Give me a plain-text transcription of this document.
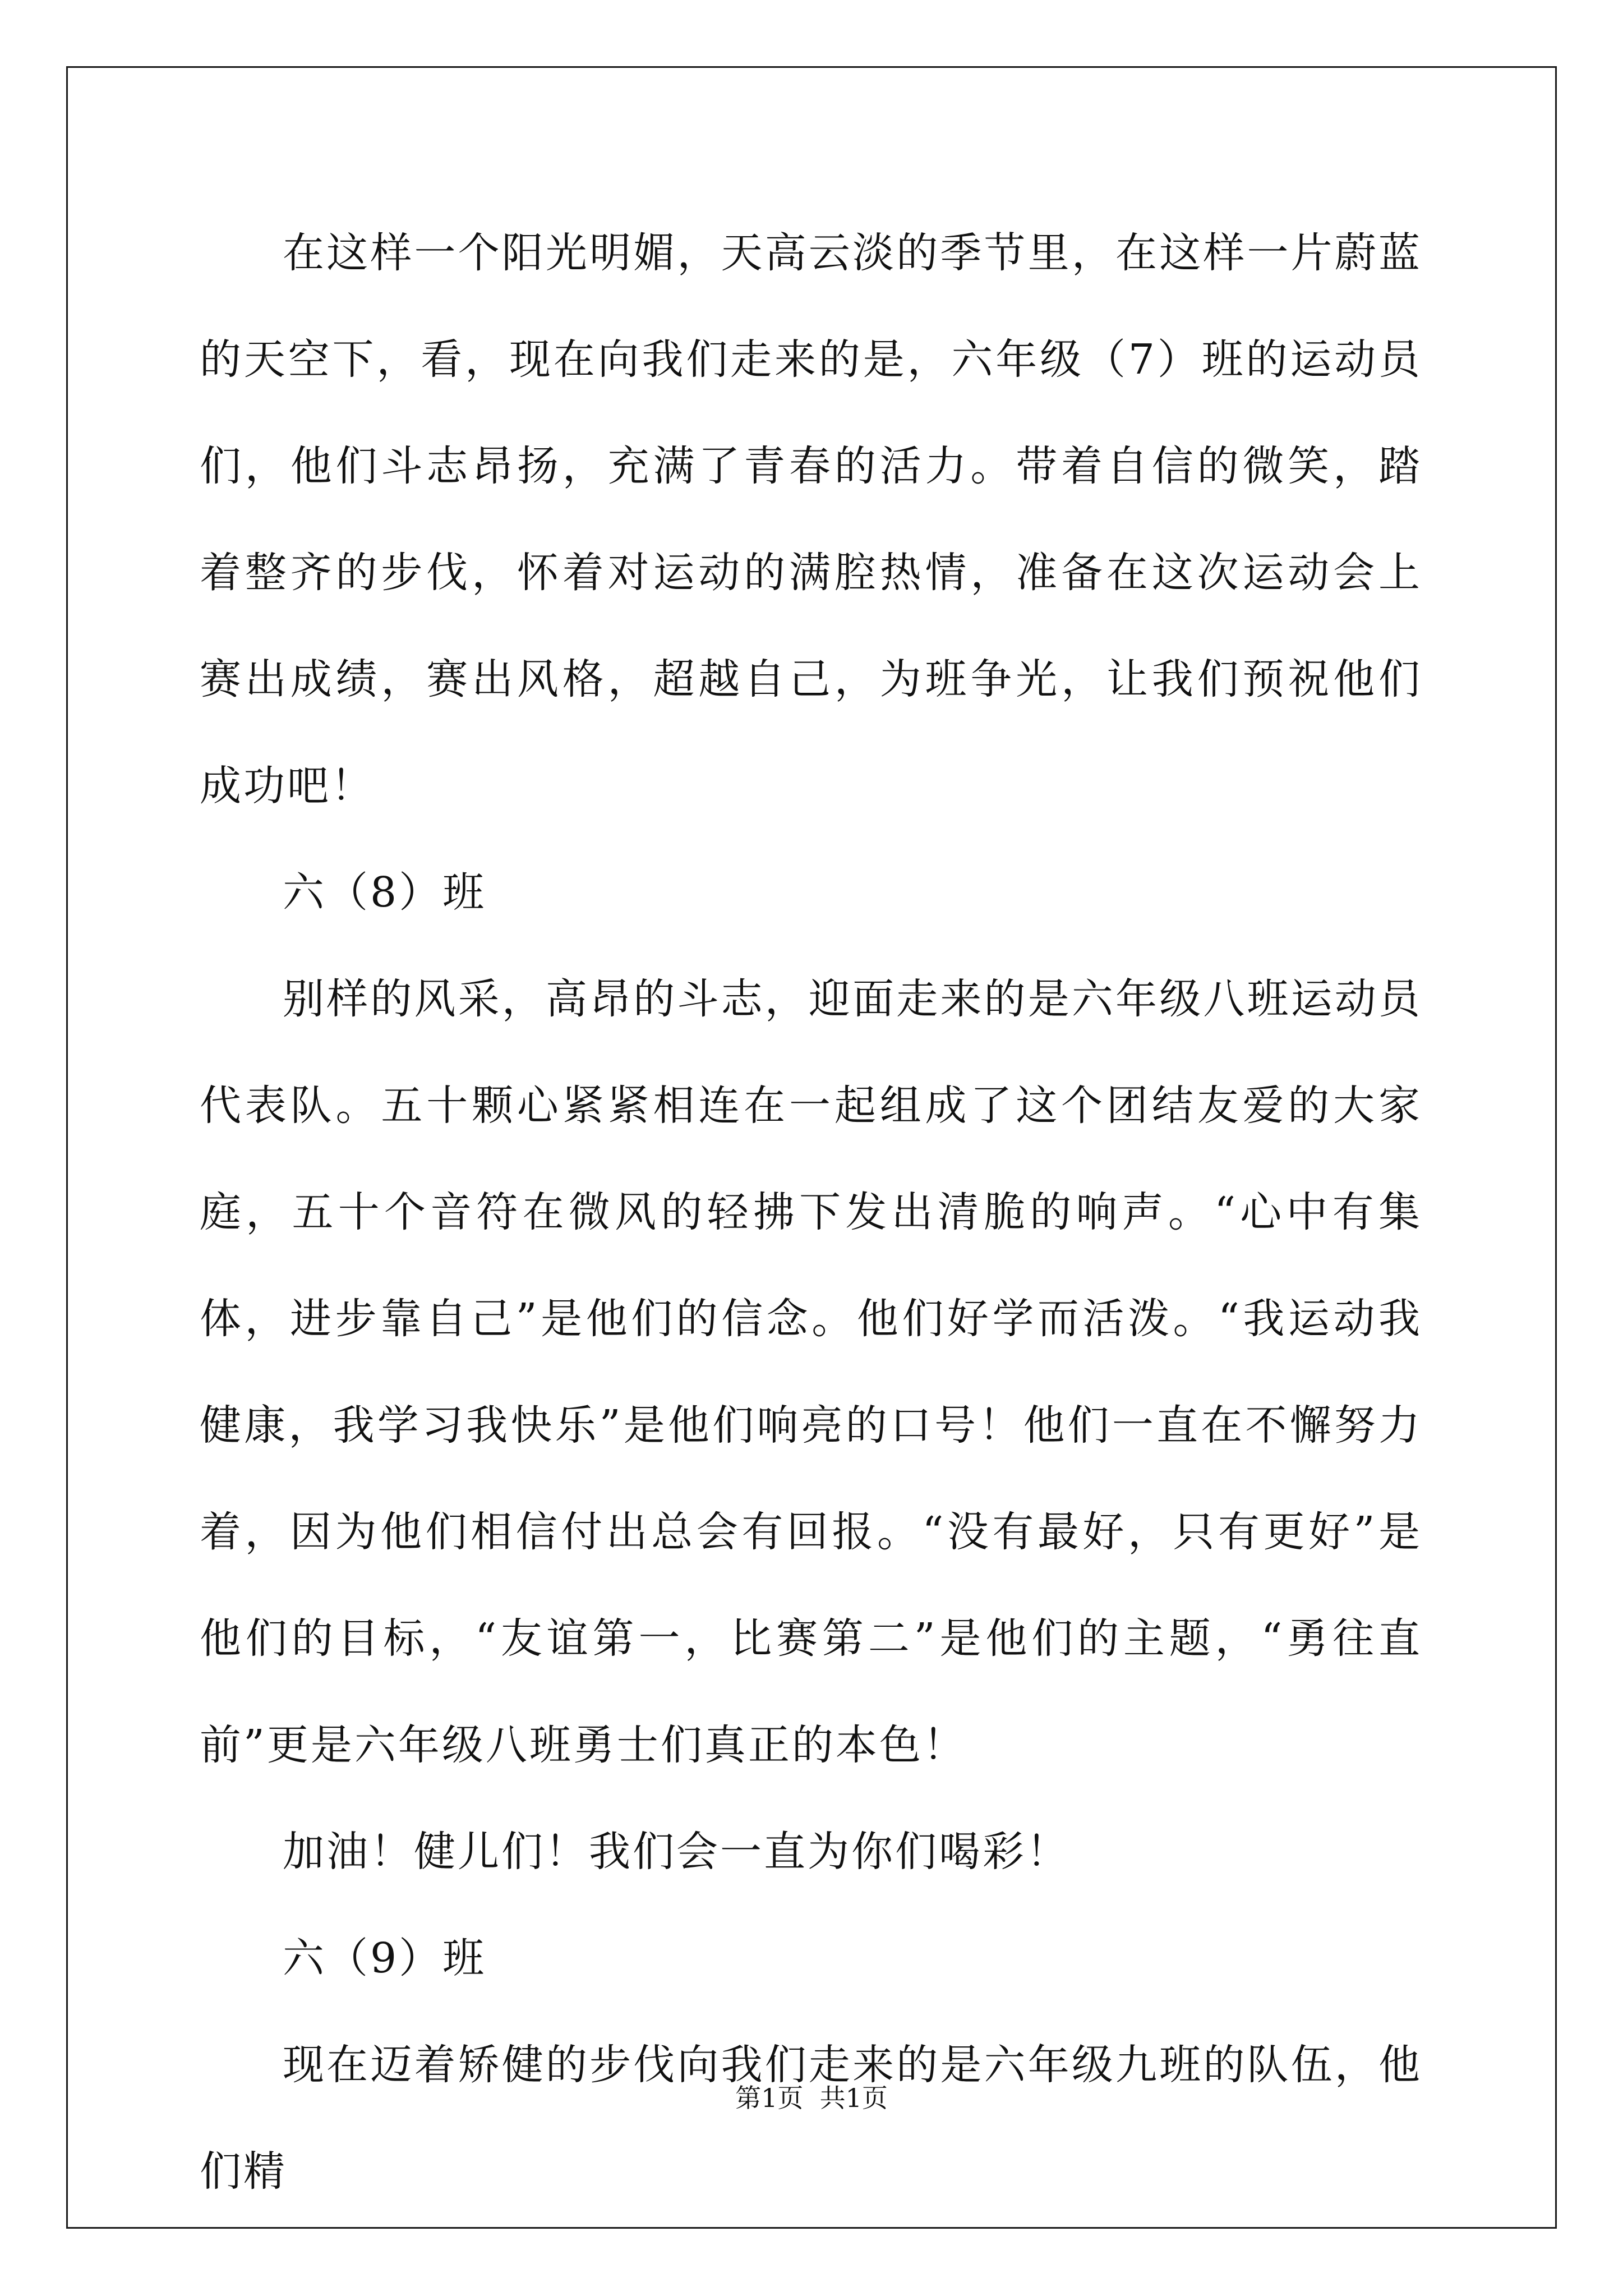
在这样一个阳光明媚，天高云淡的季节里，在这样一片蔚蓝的天空下，看，现在向我们走来的是，六年级（7）班的运动员们，他们斗志昂扬，充满了青春的活力。带着自信的微笑，踏着整齐的步伐，怀着对运动的满腔热情，准备在这次运动会上赛出成绩，赛出风格，超越自己，为班争光，让我们预祝他们成功吧！

六（8）班

别样的风采，高昂的斗志，迎面走来的是六年级八班运动员代表队。五十颗心紧紧相连在一起组成了这个团结友爱的大家庭，五十个音符在微风的轻拂下发出清脆的响声。“心中有集体，进步靠自己”是他们的信念。他们好学而活泼。“我运动我健康，我学习我快乐”是他们响亮的口号！他们一直在不懈努力着，因为他们相信付出总会有回报。“没有最好，只有更好”是他们的目标，“友谊第一，比赛第二”是他们的主题，“勇往直前”更是六年级八班勇士们真正的本色！

加油！健儿们！我们会一直为你们喝彩！

六（9）班

现在迈着矫健的步伐向我们走来的是六年级九班的队伍，他们精

第1页  共1页
